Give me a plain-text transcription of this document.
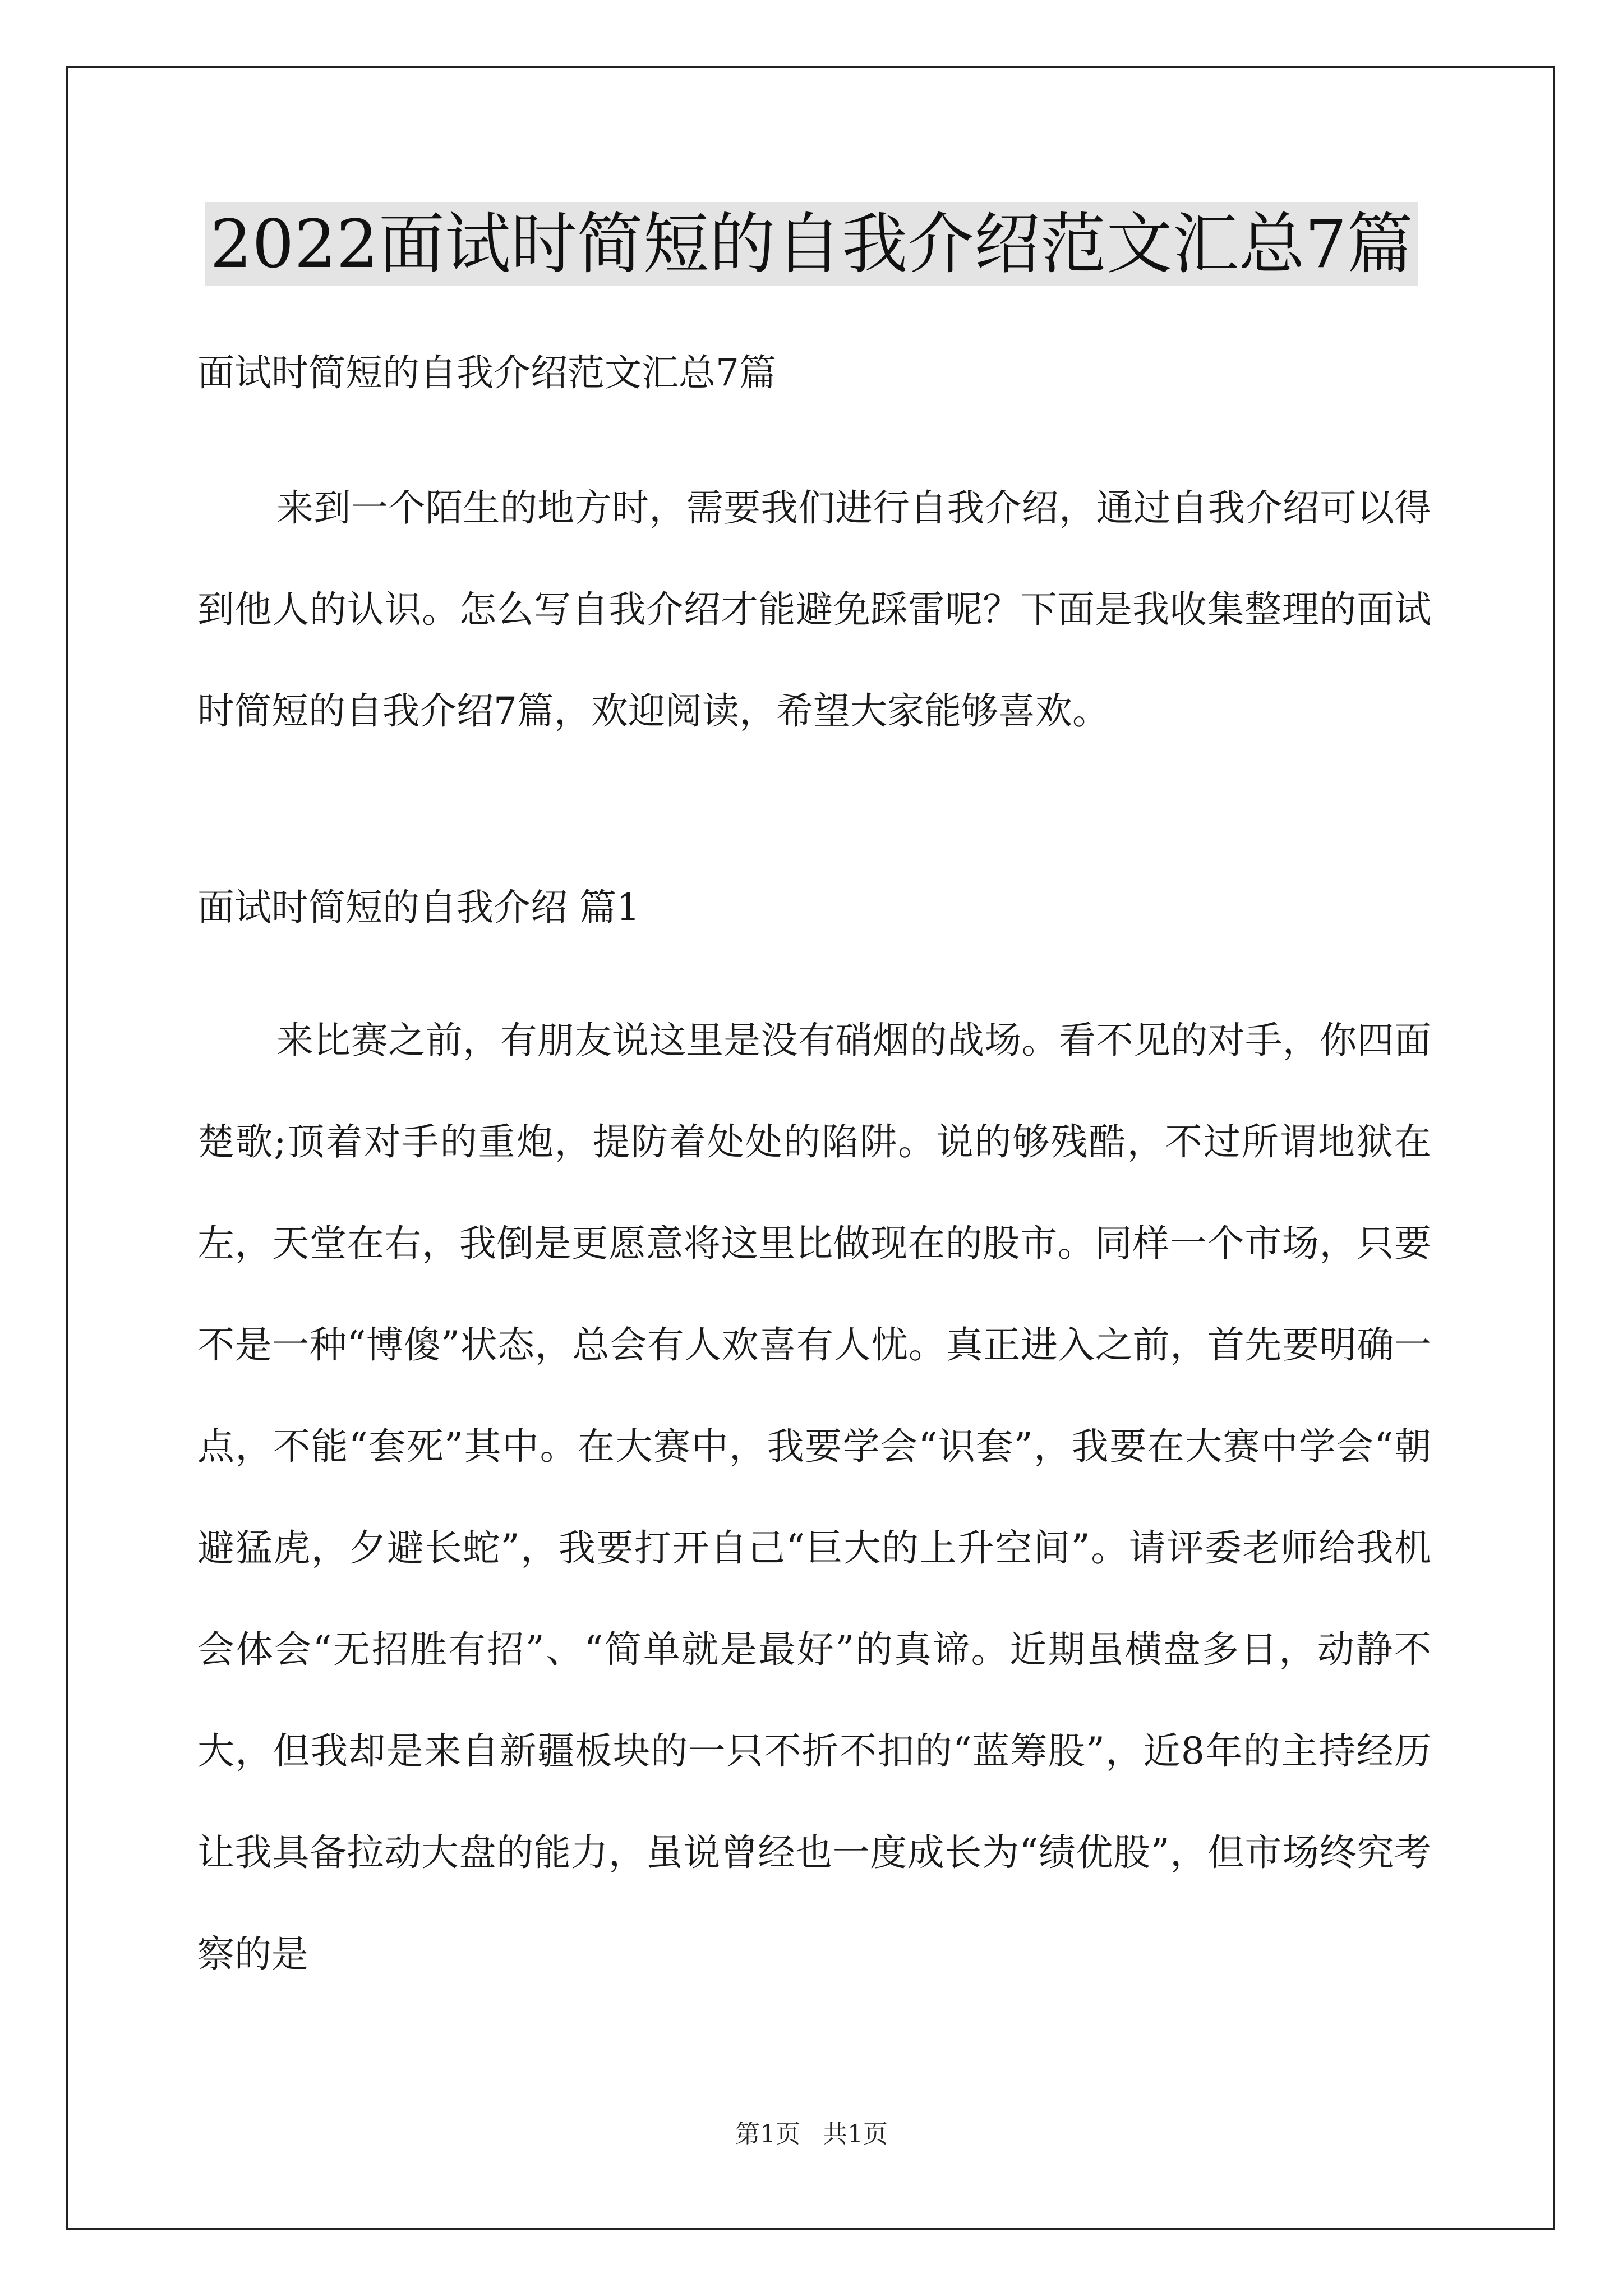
2022面试时简短的自我介绍范文汇总7篇

面试时简短的自我介绍范文汇总7篇

来到一个陌生的地方时，需要我们进行自我介绍，通过自我介绍可以得到他人的认识。怎么写自我介绍才能避免踩雷呢？下面是我收集整理的面试时简短的自我介绍7篇，欢迎阅读，希望大家能够喜欢。

面试时简短的自我介绍 篇1

来比赛之前，有朋友说这里是没有硝烟的战场。看不见的对手，你四面楚歌;顶着对手的重炮，提防着处处的陷阱。说的够残酷，不过所谓地狱在左，天堂在右，我倒是更愿意将这里比做现在的股市。同样一个市场，只要不是一种“博傻”状态，总会有人欢喜有人忧。真正进入之前，首先要明确一点，不能“套死”其中。在大赛中，我要学会“识套”，我要在大赛中学会“朝避猛虎，夕避长蛇”，我要打开自己“巨大的上升空间”。请评委老师给我机会体会“无招胜有招”、“简单就是最好”的真谛。近期虽横盘多日，动静不大，但我却是来自新疆板块的一只不折不扣的“蓝筹股”，近8年的主持经历让我具备拉动大盘的能力，虽说曾经也一度成长为“绩优股”，但市场终究考察的是

第1页 共1页
